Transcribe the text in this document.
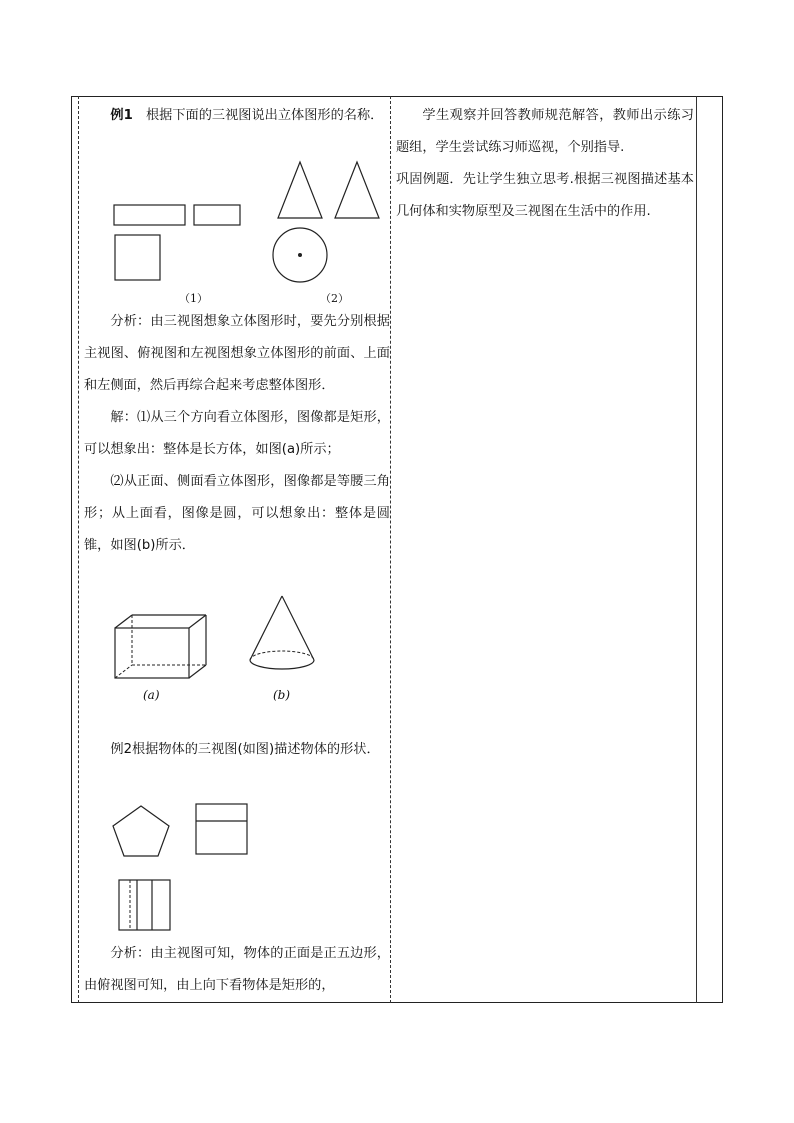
例1　根据下面的三视图说出立体图形的名称．

分析：由三视图想象立体图形时，要先分别根据主视图、俯视图和左视图想象立体图形的前面、上面和左侧面，然后再综合起来考虑整体图形．

解：⑴从三个方向看立体图形，图像都是矩形，可以想象出：整体是长方体，如图(a)所示；

⑵从正面、侧面看立体图形，图像都是等腰三角形；从上面看，图像是圆，可以想象出：整体是圆锥，如图(b)所示．

例2根据物体的三视图(如图)描述物体的形状．

分析：由主视图可知，物体的正面是正五边形，由俯视图可知，由上向下看物体是矩形的，

（1）	（2）
(a)	(b)

学生观察并回答教师规范解答，教师出示练习题组，学生尝试练习师巡视，个别指导.

巩固例题．先让学生独立思考.根据三视图描述基本几何体和实物原型及三视图在生活中的作用.
